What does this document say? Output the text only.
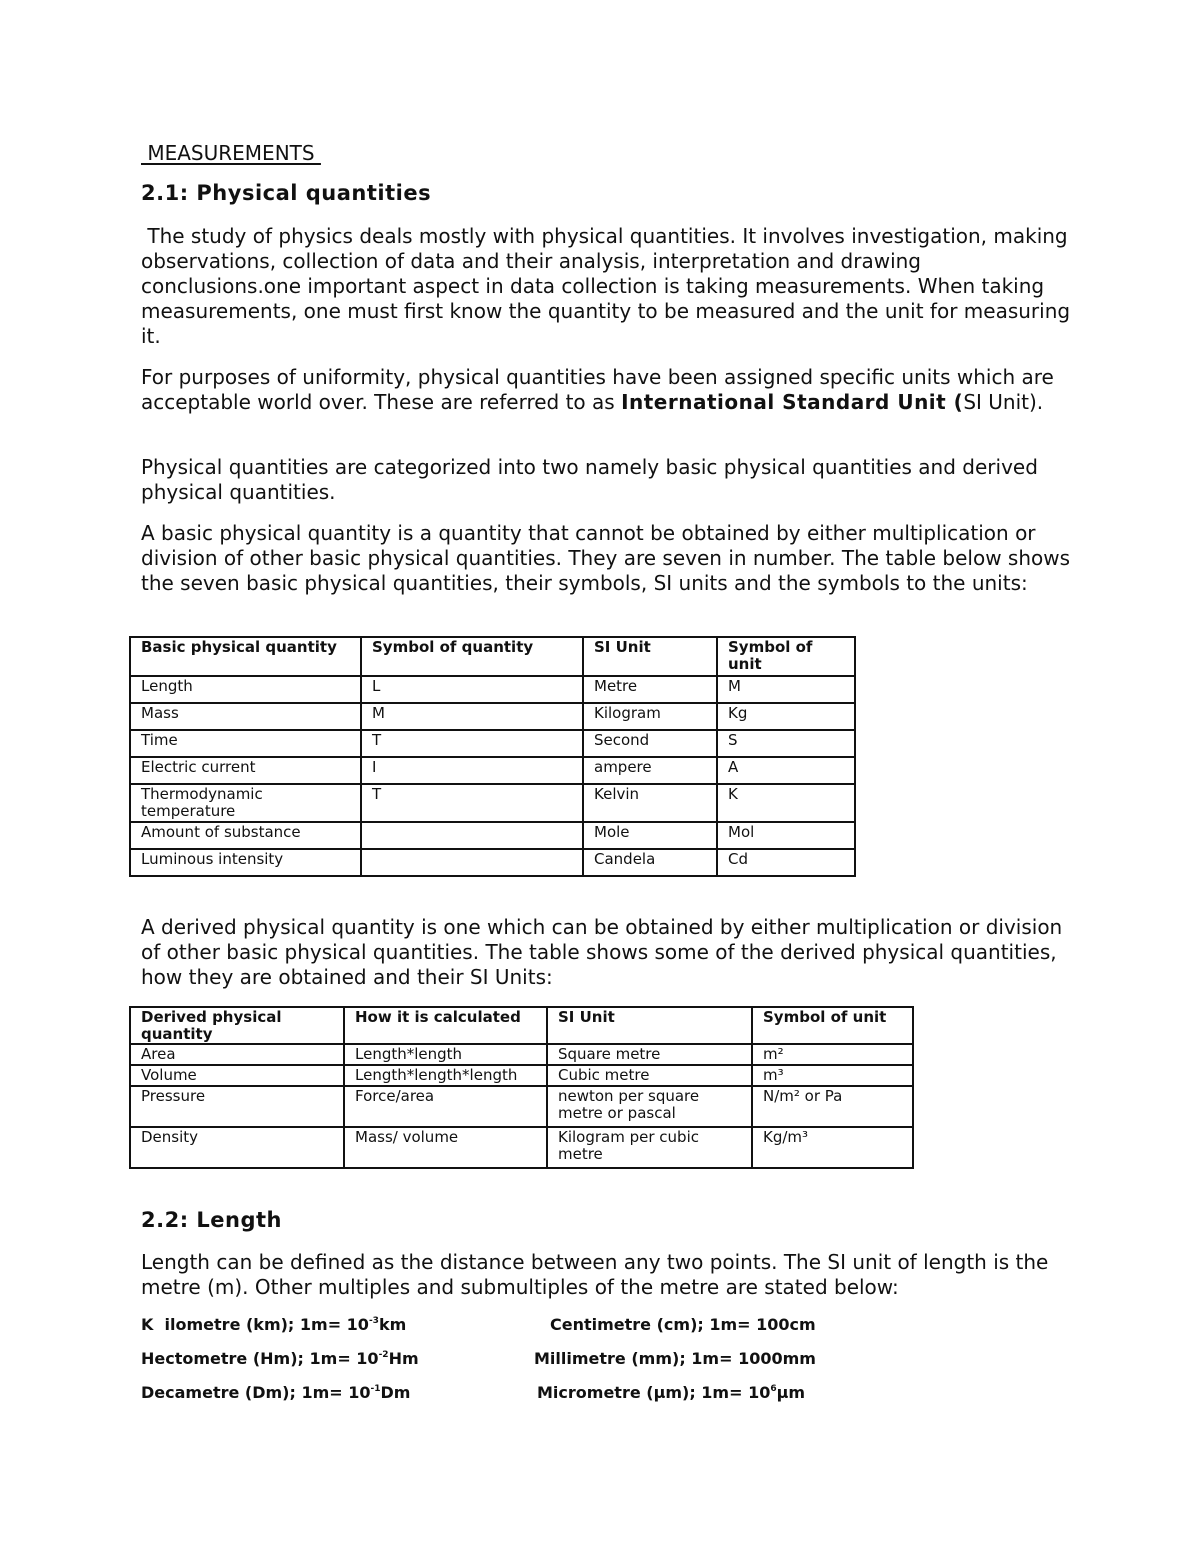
MEASUREMENTS
2.1: Physical quantities

The study of physics deals mostly with physical quantities. It involves investigation, making observations, collection of data and their analysis, interpretation and drawing conclusions.one important aspect in data collection is taking measurements. When taking measurements, one must first know the quantity to be measured and the unit for measuring it.

For purposes of uniformity, physical quantities have been assigned specific units which are acceptable world over. These are referred to as International Standard Unit (SI Unit).

Physical quantities are categorized into two namely basic physical quantities and derived physical quantities.

A basic physical quantity is a quantity that cannot be obtained by either multiplication or division of other basic physical quantities. They are seven in number. The table below shows the seven basic physical quantities, their symbols, SI units and the symbols to the units:

Basic physical quantity	Symbol of quantity	SI Unit	Symbol of unit
Length	L	Metre	M
Mass	M	Kilogram	Kg
Time	T	Second	S
Electric current	I	ampere	A
Thermodynamic temperature	T	Kelvin	K
Amount of substance		Mole	Mol
Luminous intensity		Candela	Cd

A derived physical quantity is one which can be obtained by either multiplication or division of other basic physical quantities. The table shows some of the derived physical quantities, how they are obtained and their SI Units:

Derived physical quantity	How it is calculated	SI Unit	Symbol of unit
Area	Length*length	Square metre	m²
Volume	Length*length*length	Cubic metre	m³
Pressure	Force/area	newton per square metre or pascal	N/m² or Pa
Density	Mass/ volume	Kilogram per cubic metre	Kg/m³
2.2: Length

Length can be defined as the distance between any two points. The SI unit of length is the metre (m). Other multiples and submultiples of the metre are stated below:

K  ilometre (km); $1m= 10^{-3}km$	Centimetre (cm); 1m= 100cm
Hectometre (Hm); $1m= 10^{-2}Hm$	Millimetre (mm); 1m= 1000mm
Decametre (Dm); $1m= 10^{-1}Dm$	Micrometre (μm); $1m= 10^6\mu m$
